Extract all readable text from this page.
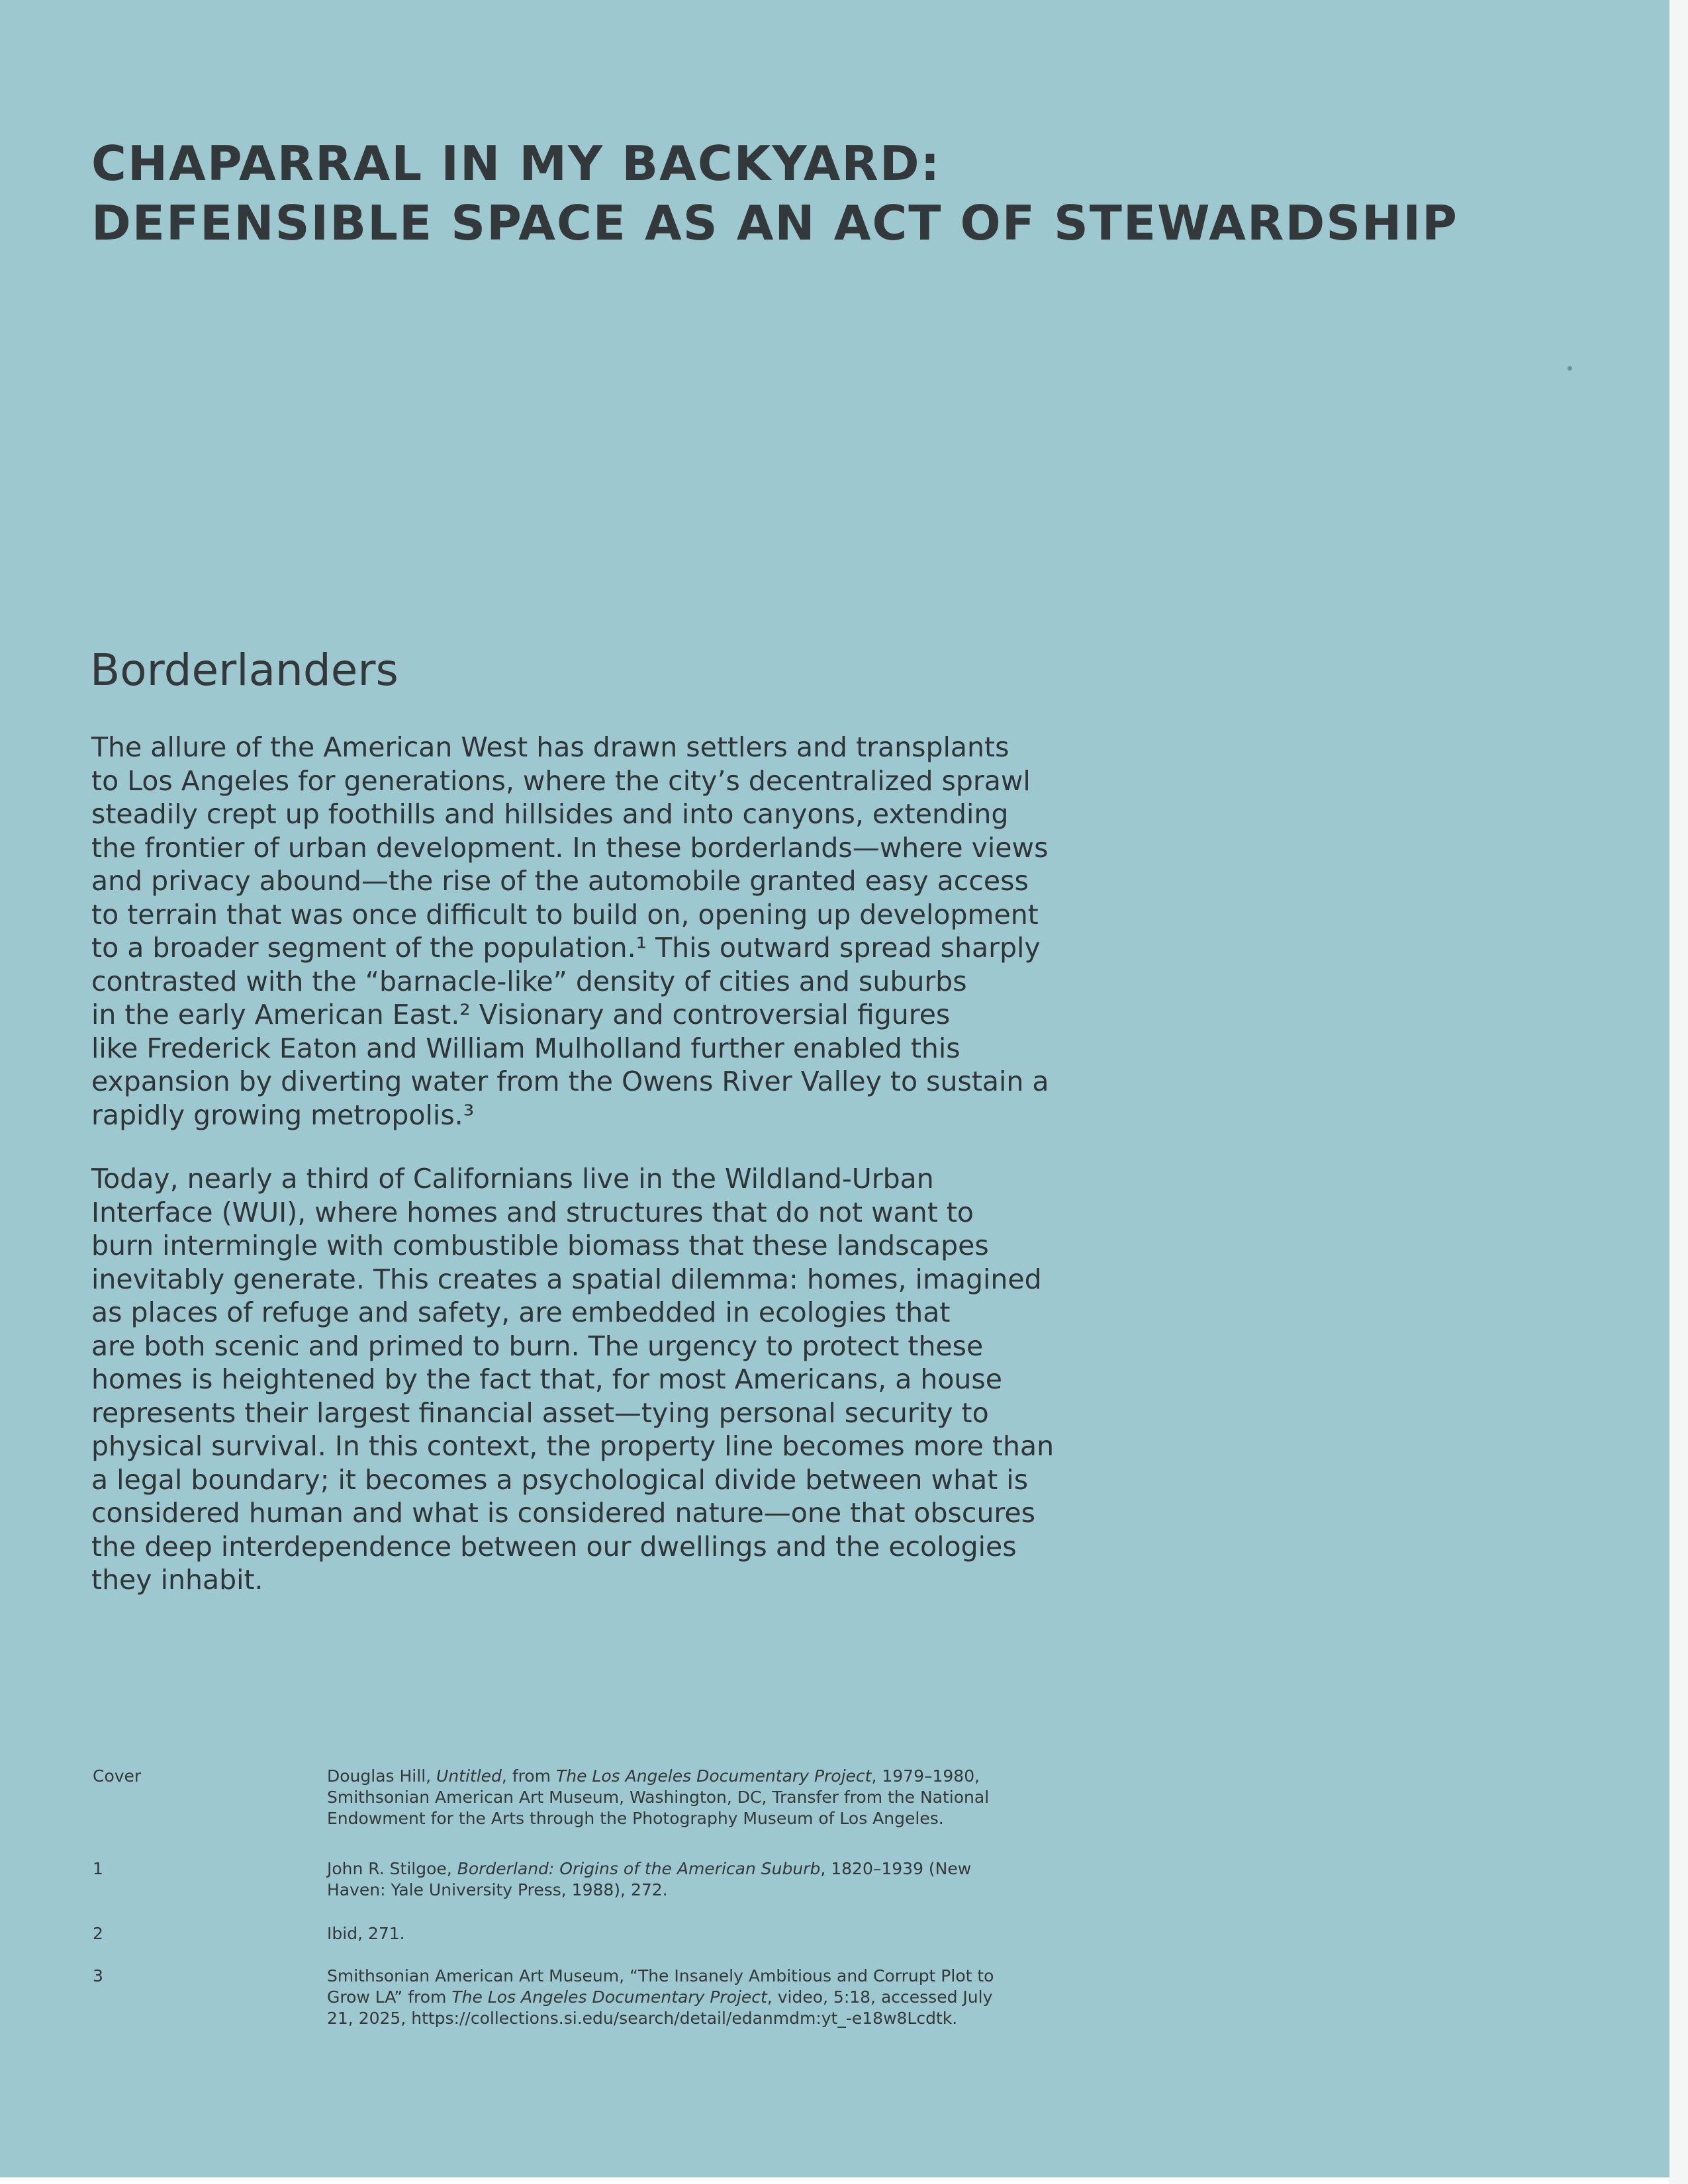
CHAPARRAL IN MY BACKYARD:
DEFENSIBLE SPACE AS AN ACT OF STEWARDSHIP
Borderlanders
The allure of the American West has drawn settlers and transplants
to Los Angeles for generations, where the city’s decentralized sprawl
steadily crept up foothills and hillsides and into canyons, extending
the frontier of urban development. In these borderlands—where views
and privacy abound—the rise of the automobile granted easy access
to terrain that was once difficult to build on, opening up development
to a broader segment of the population.¹ This outward spread sharply
contrasted with the “barnacle-like” density of cities and suburbs
in the early American East.² Visionary and controversial figures
like Frederick Eaton and William Mulholland further enabled this
expansion by diverting water from the Owens River Valley to sustain a
rapidly growing metropolis.³
Today, nearly a third of Californians live in the Wildland-Urban
Interface (WUI), where homes and structures that do not want to
burn intermingle with combustible biomass that these landscapes
inevitably generate. This creates a spatial dilemma: homes, imagined
as places of refuge and safety, are embedded in ecologies that
are both scenic and primed to burn. The urgency to protect these
homes is heightened by the fact that, for most Americans, a house
represents their largest financial asset—tying personal security to
physical survival. In this context, the property line becomes more than
a legal boundary; it becomes a psychological divide between what is
considered human and what is considered nature—one that obscures
the deep interdependence between our dwellings and the ecologies
they inhabit.
Cover	Douglas Hill, Untitled, from The Los Angeles Documentary Project, 1979–1980,
Smithsonian American Art Museum, Washington, DC, Transfer from the National
Endowment for the Arts through the Photography Museum of Los Angeles.
1	John R. Stilgoe, Borderland: Origins of the American Suburb, 1820–1939 (New
Haven: Yale University Press, 1988), 272.
2	Ibid, 271.
3	Smithsonian American Art Museum, “The Insanely Ambitious and Corrupt Plot to
Grow LA” from The Los Angeles Documentary Project, video, 5:18, accessed July
21, 2025, https://collections.si.edu/search/detail/edanmdm:yt_-e18w8Lcdtk.
